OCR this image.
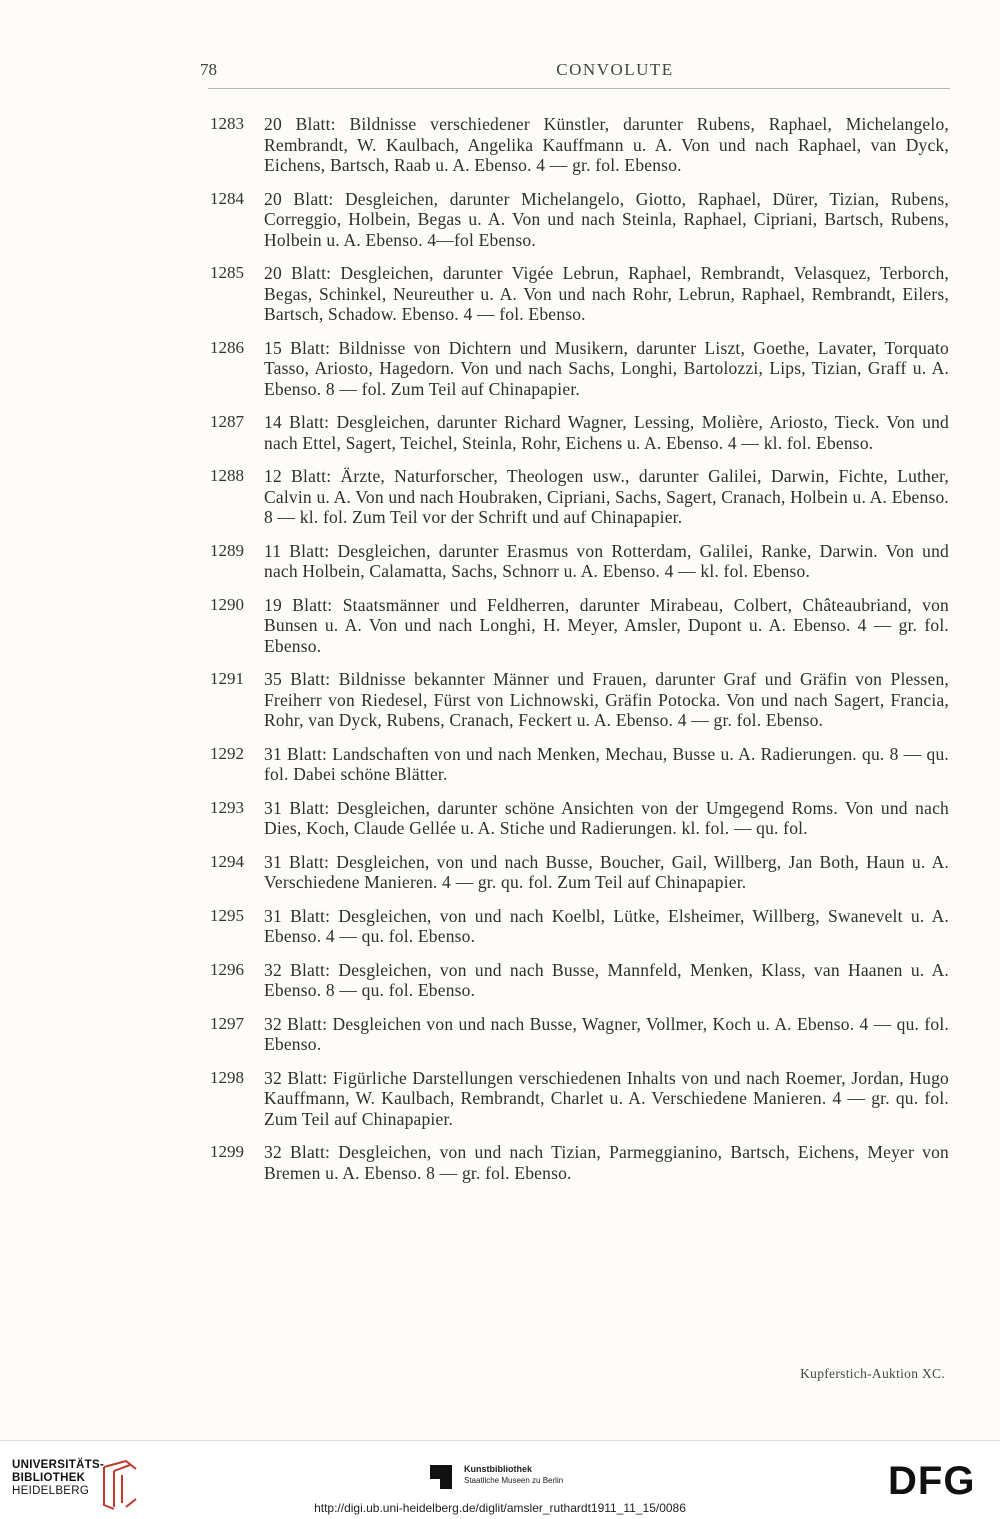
78	CONVOLUTE
1283 20 Blatt: Bildnisse verschiedener Künstler, darunter Rubens, Raphael, Michelangelo, Rembrandt, W. Kaulbach, Angelika Kauffmann u. A. Von und nach Raphael, van Dyck, Eichens, Bartsch, Raab u. A. Ebenso. 4 — gr. fol. Ebenso.
1284 20 Blatt: Desgleichen, darunter Michelangelo, Giotto, Raphael, Dürer, Tizian, Rubens, Correggio, Holbein, Begas u. A. Von und nach Steinla, Raphael, Cipriani, Bartsch, Rubens, Holbein u. A. Ebenso. 4—fol Ebenso.
1285 20 Blatt: Desgleichen, darunter Vigée Lebrun, Raphael, Rembrandt, Velasquez, Terborch, Begas, Schinkel, Neureuther u. A. Von und nach Rohr, Lebrun, Raphael, Rembrandt, Eilers, Bartsch, Schadow. Ebenso. 4 — fol. Ebenso.
1286 15 Blatt: Bildnisse von Dichtern und Musikern, darunter Liszt, Goethe, Lavater, Torquato Tasso, Ariosto, Hagedorn. Von und nach Sachs, Longhi, Bartolozzi, Lips, Tizian, Graff u. A. Ebenso. 8 — fol. Zum Teil auf Chinapapier.
1287 14 Blatt: Desgleichen, darunter Richard Wagner, Lessing, Molière, Ariosto, Tieck. Von und nach Ettel, Sagert, Teichel, Steinla, Rohr, Eichens u. A. Ebenso. 4 — kl. fol. Ebenso.
1288 12 Blatt: Ärzte, Naturforscher, Theologen usw., darunter Galilei, Darwin, Fichte, Luther, Calvin u. A. Von und nach Houbraken, Cipriani, Sachs, Sagert, Cranach, Holbein u. A. Ebenso. 8 — kl. fol. Zum Teil vor der Schrift und auf Chinapapier.
1289 11 Blatt: Desgleichen, darunter Erasmus von Rotterdam, Galilei, Ranke, Darwin. Von und nach Holbein, Calamatta, Sachs, Schnorr u. A. Ebenso. 4 — kl. fol. Ebenso.
1290 19 Blatt: Staatsmänner und Feldherren, darunter Mirabeau, Colbert, Châteaubriand, von Bunsen u. A. Von und nach Longhi, H. Meyer, Amsler, Dupont u. A. Ebenso. 4 — gr. fol. Ebenso.
1291 35 Blatt: Bildnisse bekannter Männer und Frauen, darunter Graf und Gräfin von Plessen, Freiherr von Riedesel, Fürst von Lichnowski, Gräfin Potocka. Von und nach Sagert, Francia, Rohr, van Dyck, Rubens, Cranach, Feckert u. A. Ebenso. 4 — gr. fol. Ebenso.
1292 31 Blatt: Landschaften von und nach Menken, Mechau, Busse u. A. Radierungen. qu. 8 — qu. fol. Dabei schöne Blätter.
1293 31 Blatt: Desgleichen, darunter schöne Ansichten von der Umgegend Roms. Von und nach Dies, Koch, Claude Gellée u. A. Stiche und Radierungen. kl. fol. — qu. fol.
1294 31 Blatt: Desgleichen, von und nach Busse, Boucher, Gail, Willberg, Jan Both, Haun u. A. Verschiedene Manieren. 4 — gr. qu. fol. Zum Teil auf Chinapapier.
1295 31 Blatt: Desgleichen, von und nach Koelbl, Lütke, Elsheimer, Willberg, Swanevelt u. A. Ebenso. 4 — qu. fol. Ebenso.
1296 32 Blatt: Desgleichen, von und nach Busse, Mannfeld, Menken, Klass, van Haanen u. A. Ebenso. 8 — qu. fol. Ebenso.
1297 32 Blatt: Desgleichen von und nach Busse, Wagner, Vollmer, Koch u. A. Ebenso. 4 — qu. fol. Ebenso.
1298 32 Blatt: Figürliche Darstellungen verschiedenen Inhalts von und nach Roemer, Jordan, Hugo Kauffmann, W. Kaulbach, Rembrandt, Charlet u. A. Verschiedene Manieren. 4 — gr. qu. fol. Zum Teil auf Chinapapier.
1299 32 Blatt: Desgleichen, von und nach Tizian, Parmeggianino, Bartsch, Eichens, Meyer von Bremen u. A. Ebenso. 8 — gr. fol. Ebenso.
Kupferstich-Auktion XC.
UNIVERSITÄTS-
BIBLIOTHEK
HEIDELBERG
Kunstbibliothek
Staatliche Museen zu Berlin	DFG
http://digi.ub.uni-heidelberg.de/diglit/amsler_ruthardt1911_11_15/0086
